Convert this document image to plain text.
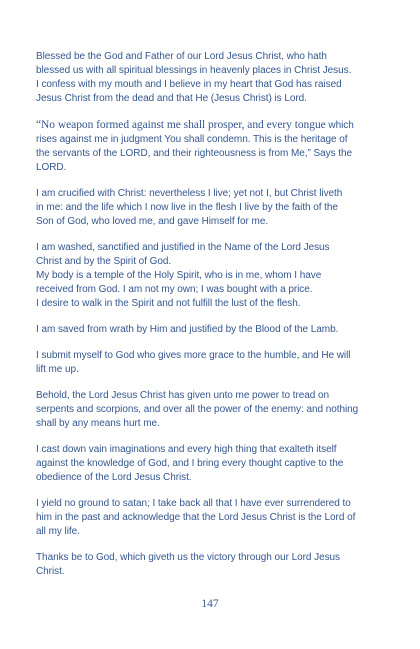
Blessed be the God and Father of our Lord Jesus Christ, who hath
blessed us with all spiritual blessings in heavenly places in Christ Jesus.
I confess with my mouth and I believe in my heart that God has raised
Jesus Christ from the dead and that He (Jesus Christ) is Lord.

“No weapon formed against me shall prosper, and every tongue which
rises against me in judgment You shall condemn. This is the heritage of
the servants of the LORD, and their righteousness is from Me,” Says the
LORD.

I am crucified with Christ: nevertheless I live; yet not I, but Christ liveth
in me: and the life which I now live in the flesh I live by the faith of the
Son of God, who loved me, and gave Himself for me.

I am washed, sanctified and justified in the Name of the Lord Jesus
Christ and by the Spirit of God.
My body is a temple of the Holy Spirit, who is in me, whom I have
received from God. I am not my own; I was bought with a price.
I desire to walk in the Spirit and not fulfill the lust of the flesh.

I am saved from wrath by Him and justified by the Blood of the Lamb.

I submit myself to God who gives more grace to the humble, and He will
lift me up.

Behold, the Lord Jesus Christ has given unto me power to tread on
serpents and scorpions, and over all the power of the enemy: and nothing
shall by any means hurt me.

I cast down vain imaginations and every high thing that exalteth itself
against the knowledge of God, and I bring every thought captive to the
obedience of the Lord Jesus Christ.

I yield no ground to satan; I take back all that I have ever surrendered to
him in the past and acknowledge that the Lord Jesus Christ is the Lord of
all my life.

Thanks be to God, which giveth us the victory through our Lord Jesus
Christ.

147
